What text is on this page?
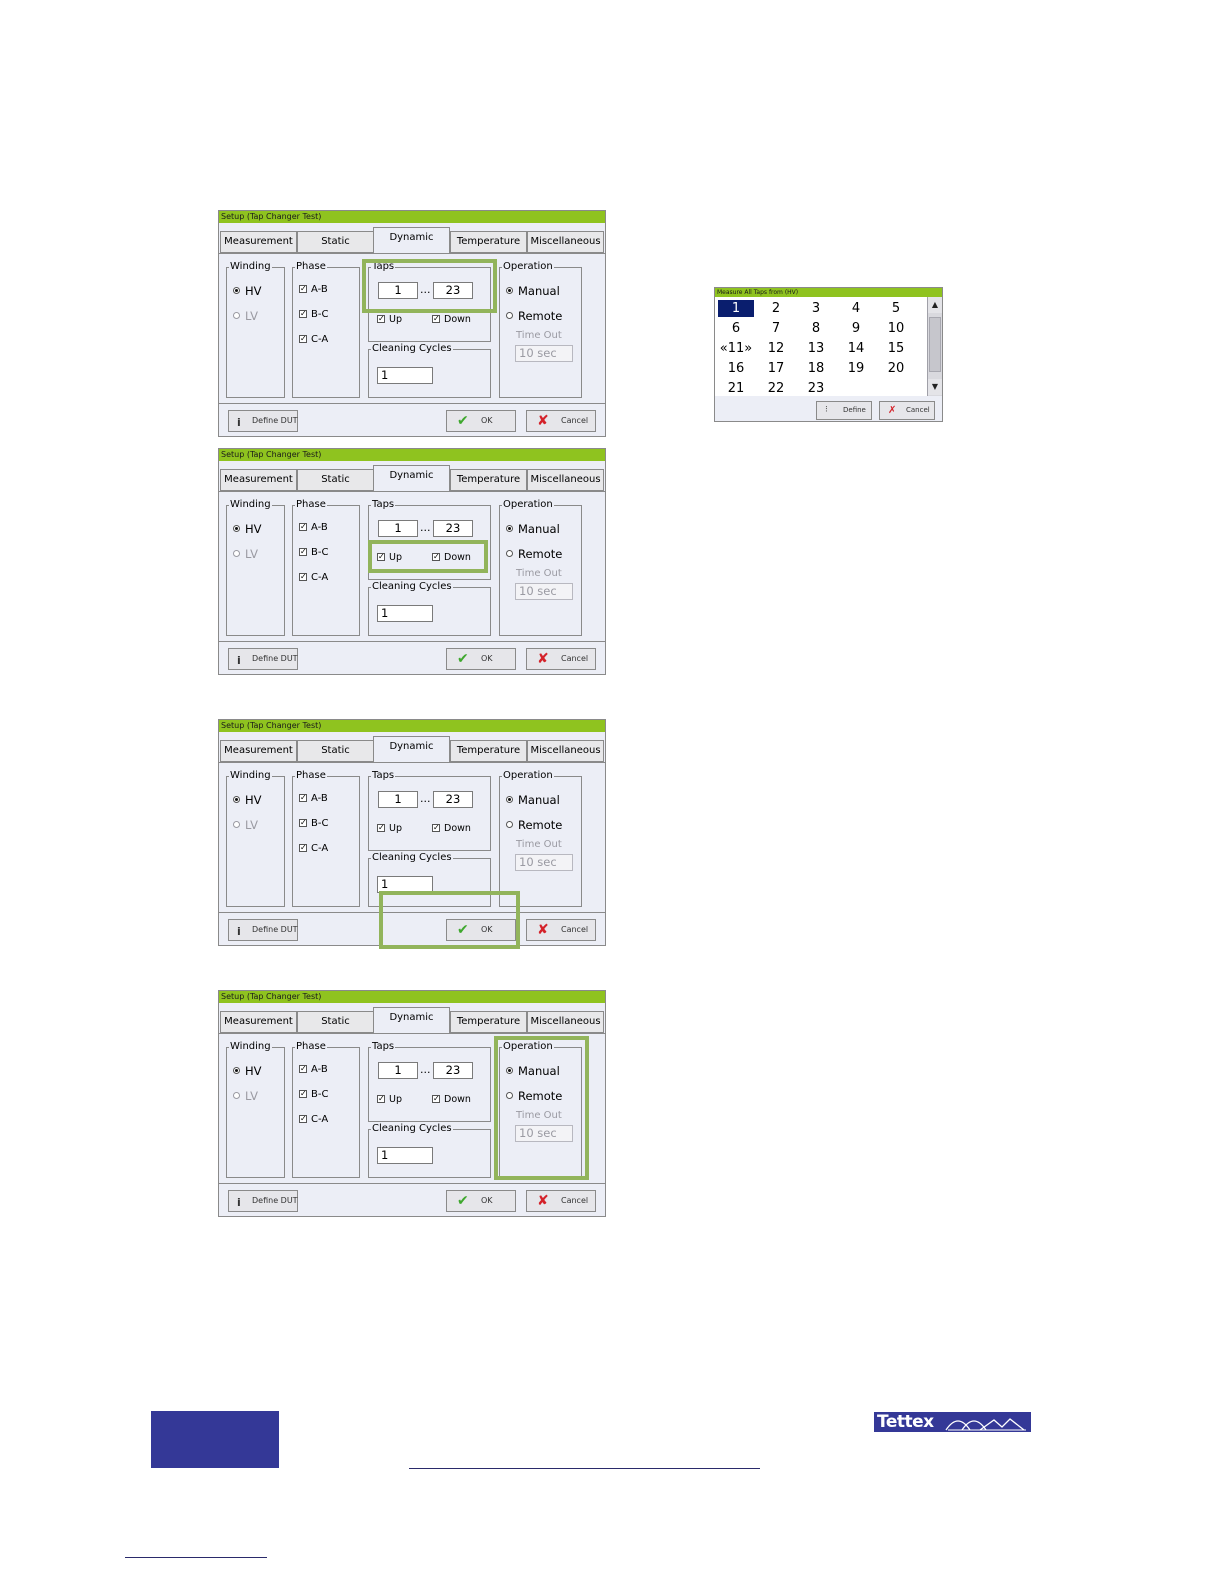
Setup (Tap Changer Test)
Measurement	Static	Dynamic	Temperature	Miscellaneous
Winding
HV
LV
Phase
✓ A-B
✓ B-C
✓ C-A
Taps
1	...	23
✓ Up	✓ Down
Cleaning Cycles
1
Operation
Manual
Remote
Time Out
10 sec
i Define DUT	✔ OK	✘ Cancel
Setup (Tap Changer Test)
Measurement	Static	Dynamic	Temperature	Miscellaneous
Winding
HV
LV
Phase
✓ A-B
✓ B-C
✓ C-A
Taps
1	...	23
✓ Up	✓ Down
Cleaning Cycles
1
Operation
Manual
Remote
Time Out
10 sec
i Define DUT	✔ OK	✘ Cancel
Setup (Tap Changer Test)
Measurement	Static	Dynamic	Temperature	Miscellaneous
Winding
HV
LV
Phase
✓ A-B
✓ B-C
✓ C-A
Taps
1	...	23
✓ Up	✓ Down
Cleaning Cycles
1
Operation
Manual
Remote
Time Out
10 sec
i Define DUT	✔ OK	✘ Cancel
Setup (Tap Changer Test)
Measurement	Static	Dynamic	Temperature	Miscellaneous
Winding
HV
LV
Phase
✓ A-B
✓ B-C
✓ C-A
Taps
1	...	23
✓ Up	✓ Down
Cleaning Cycles
1
Operation
Manual
Remote
Time Out
10 sec
i Define DUT	✔ OK	✘ Cancel
Measure All Taps from (HV)
1	2	3	4	5
6	7	8	9	10
«11»	12	13	14	15
16	17	18	19	20
21	22	23
▲
▼
⁝ Define ✗ Cancel
Tettex
